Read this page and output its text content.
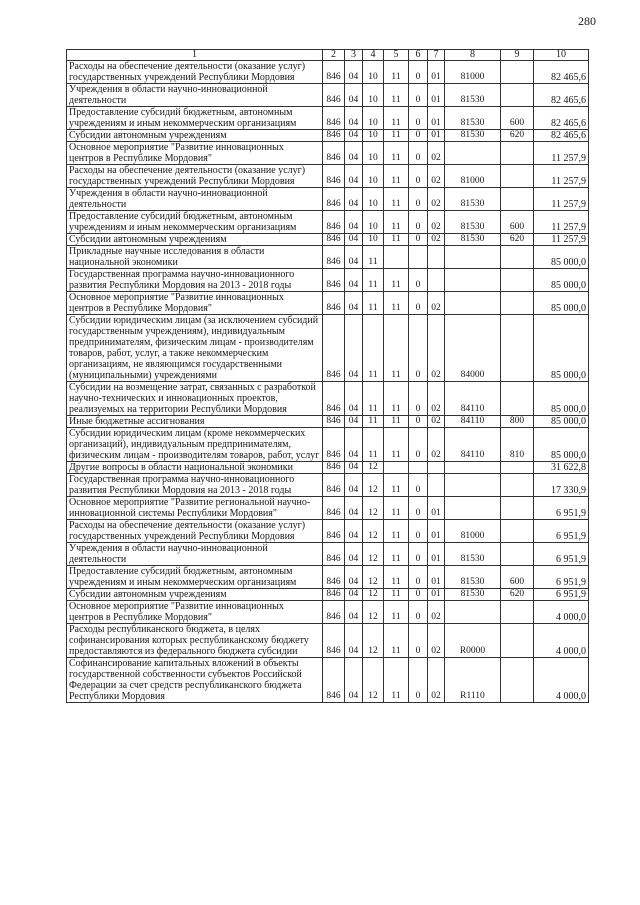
280
1	2	3	4	5	6	7	8	9	10
Расходы на обеспечение деятельности (оказание услуг) государственных учреждений Республики Мордовия	846	04	10	11	0	01	81000		82 465,6
Учреждения в области научно-инновационной деятельности	846	04	10	11	0	01	81530		82 465,6
Предоставление субсидий бюджетным, автономным учреждениям и иным некоммерческим организациям	846	04	10	11	0	01	81530	600	82 465,6
Субсидии автономным учреждениям	846	04	10	11	0	01	81530	620	82 465,6
Основное мероприятие "Развитие инновационных центров в Республике Мордовия"	846	04	10	11	0	02			11 257,9
Расходы на обеспечение деятельности (оказание услуг) государственных учреждений Республики Мордовия	846	04	10	11	0	02	81000		11 257,9
Учреждения в области научно-инновационной деятельности	846	04	10	11	0	02	81530		11 257,9
Предоставление субсидий бюджетным, автономным учреждениям и иным некоммерческим организациям	846	04	10	11	0	02	81530	600	11 257,9
Субсидии автономным учреждениям	846	04	10	11	0	02	81530	620	11 257,9
Прикладные научные исследования в области национальной экономики	846	04	11						85 000,0
Государственная программа научно-инновационного развития Республики Мордовия на 2013 - 2018 годы	846	04	11	11	0				85 000,0
Основное мероприятие "Развитие инновационных центров в Республике Мордовия"	846	04	11	11	0	02			85 000,0
Субсидии юридическим лицам (за исключением субсидий государственным учреждениям), индивидуальным предпринимателям, физическим лицам - производителям товаров, работ, услуг, а также некоммерческим организациям, не являющимся государственными (муниципальными) учреждениями	846	04	11	11	0	02	84000		85 000,0
Субсидии на возмещение затрат, связанных с разработкой научно-технических и инновационных проектов, реализуемых на территории Республики Мордовия	846	04	11	11	0	02	84110		85 000,0
Иные бюджетные ассигнования	846	04	11	11	0	02	84110	800	85 000,0
Субсидии юридическим лицам (кроме некоммерческих организаций), индивидуальным предпринимателям, физическим лицам - производителям товаров, работ, услуг	846	04	11	11	0	02	84110	810	85 000,0
Другие вопросы в области национальной экономики	846	04	12						31 622,8
Государственная программа научно-инновационного развития Республики Мордовия на 2013 - 2018 годы	846	04	12	11	0				17 330,9
Основное мероприятие "Развитие региональной научно-инновационной системы Республики Мордовия"	846	04	12	11	0	01			6 951,9
Расходы на обеспечение деятельности (оказание услуг) государственных учреждений Республики Мордовия	846	04	12	11	0	01	81000		6 951,9
Учреждения в области научно-инновационной деятельности	846	04	12	11	0	01	81530		6 951,9
Предоставление субсидий бюджетным, автономным учреждениям и иным некоммерческим организациям	846	04	12	11	0	01	81530	600	6 951,9
Субсидии автономным учреждениям	846	04	12	11	0	01	81530	620	6 951,9
Основное мероприятие "Развитие инновационных центров в Республике Мордовия"	846	04	12	11	0	02			4 000,0
Расходы республиканского бюджета, в целях софинансирования которых республиканскому бюджету предоставляются из федерального бюджета субсидии	846	04	12	11	0	02	R0000		4 000,0
Софинансирование капитальных вложений в объекты государственной собственности субъектов Российской Федерации за счет средств республиканского бюджета Республики Мордовия	846	04	12	11	0	02	R1110		4 000,0
